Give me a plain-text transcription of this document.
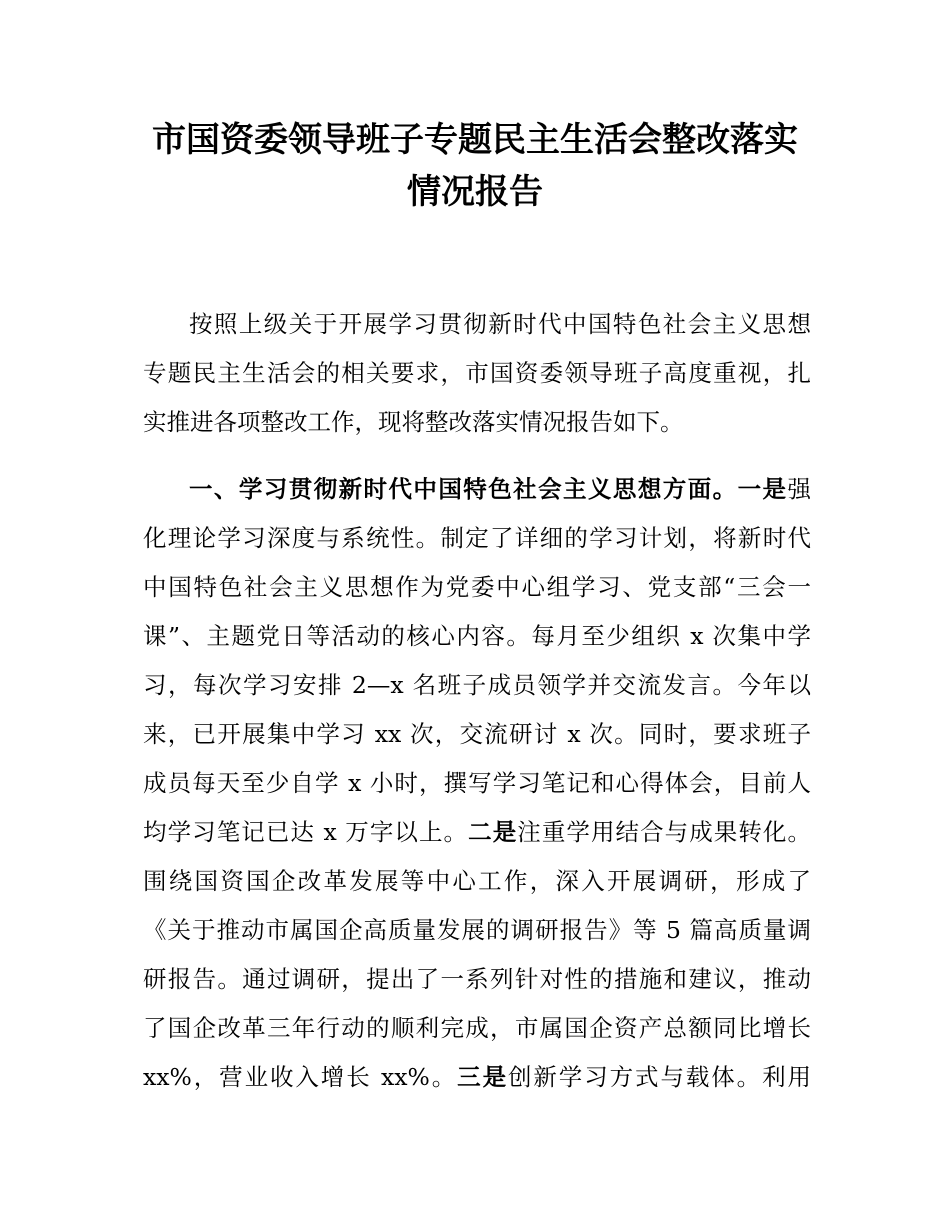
市国资委领导班子专题民主生活会整改落实
情况报告
按照上级关于开展学习贯彻新时代中国特色社会主义思想
专题民主生活会的相关要求，市国资委领导班子高度重视，扎
实推进各项整改工作，现将整改落实情况报告如下。
一、学习贯彻新时代中国特色社会主义思想方面。一是强
化理论学习深度与系统性。制定了详细的学习计划，将新时代
中国特色社会主义思想作为党委中心组学习、党支部“三会一
课”、主题党日等活动的核心内容。每月至少组织 x 次集中学
习，每次学习安排 2—x 名班子成员领学并交流发言。今年以
来，已开展集中学习 xx 次，交流研讨 x 次。同时，要求班子
成员每天至少自学 x 小时，撰写学习笔记和心得体会，目前人
均学习笔记已达 x 万字以上。二是注重学用结合与成果转化。
围绕国资国企改革发展等中心工作，深入开展调研，形成了
《关于推动市属国企高质量发展的调研报告》等 5 篇高质量调
研报告。通过调研，提出了一系列针对性的措施和建议，推动
了国企改革三年行动的顺利完成，市属国企资产总额同比增长
xx%，营业收入增长 xx%。三是创新学习方式与载体。利用
